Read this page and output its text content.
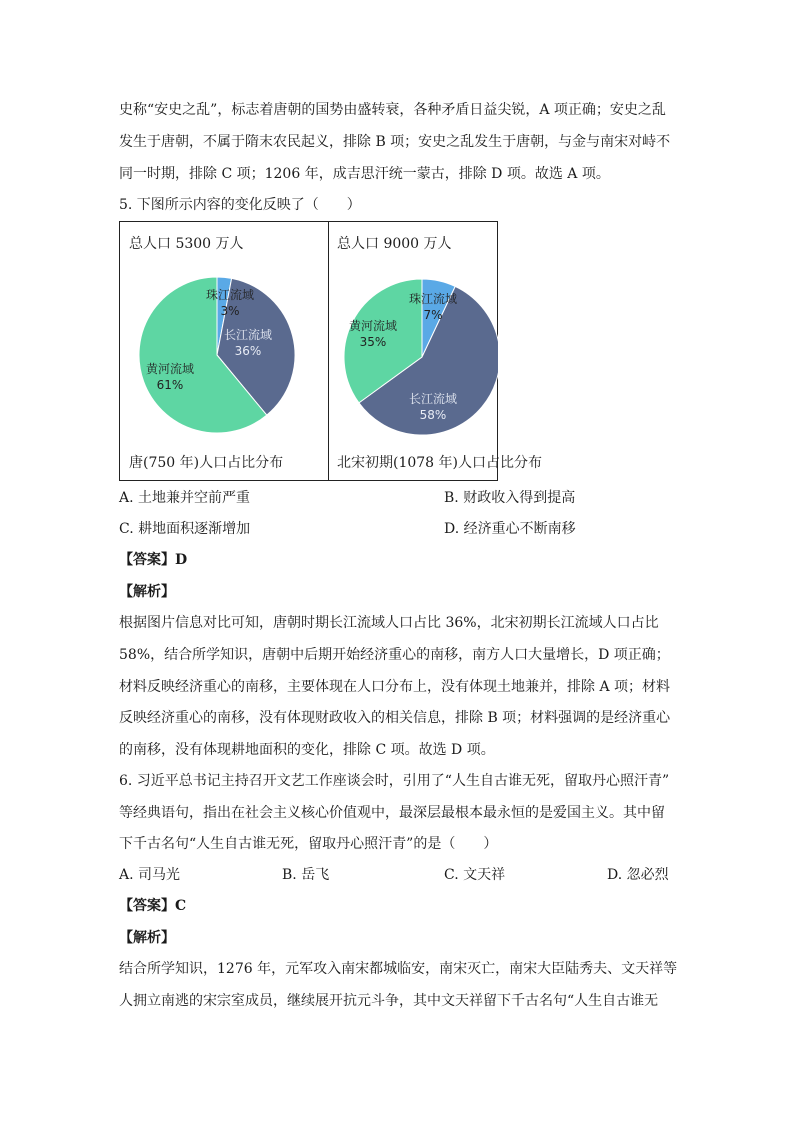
史称“安史之乱”，标志着唐朝的国势由盛转衰，各种矛盾日益尖锐，A 项正确；安史之乱
发生于唐朝，不属于隋末农民起义，排除 B 项；安史之乱发生于唐朝，与金与南宋对峙不
同一时期，排除 C 项；1206 年，成吉思汗统一蒙古，排除 D 项。故选 A 项。
5. 下图所示内容的变化反映了（　　）
总人口 5300 万人
珠江流域
3%
长江流域
36%
黄河流域
61%
唐(750 年)人口占比分布
总人口 9000 万人
珠江流域
7%
长江流域
58%
黄河流域
35%
北宋初期(1078 年)人口占比分布
A. 土地兼并空前严重	B. 财政收入得到提高
C. 耕地面积逐渐增加	D. 经济重心不断南移
【答案】D
【解析】
根据图片信息对比可知，唐朝时期长江流域人口占比 36%，北宋初期长江流域人口占比
58%，结合所学知识，唐朝中后期开始经济重心的南移，南方人口大量增长，D 项正确；
材料反映经济重心的南移，主要体现在人口分布上，没有体现土地兼并，排除 A 项；材料
反映经济重心的南移，没有体现财政收入的相关信息，排除 B 项；材料强调的是经济重心
的南移，没有体现耕地面积的变化，排除 C 项。故选 D 项。
6. 习近平总书记主持召开文艺工作座谈会时，引用了“人生自古谁无死，留取丹心照汗青”
等经典语句，指出在社会主义核心价值观中，最深层最根本最永恒的是爱国主义。其中留
下千古名句“人生自古谁无死，留取丹心照汗青”的是（　　）
A. 司马光	B. 岳飞	C. 文天祥	D. 忽必烈
【答案】C
【解析】
结合所学知识，1276 年，元军攻入南宋都城临安，南宋灭亡，南宋大臣陆秀夫、文天祥等
人拥立南逃的宋宗室成员，继续展开抗元斗争，其中文天祥留下千古名句“人生自古谁无
